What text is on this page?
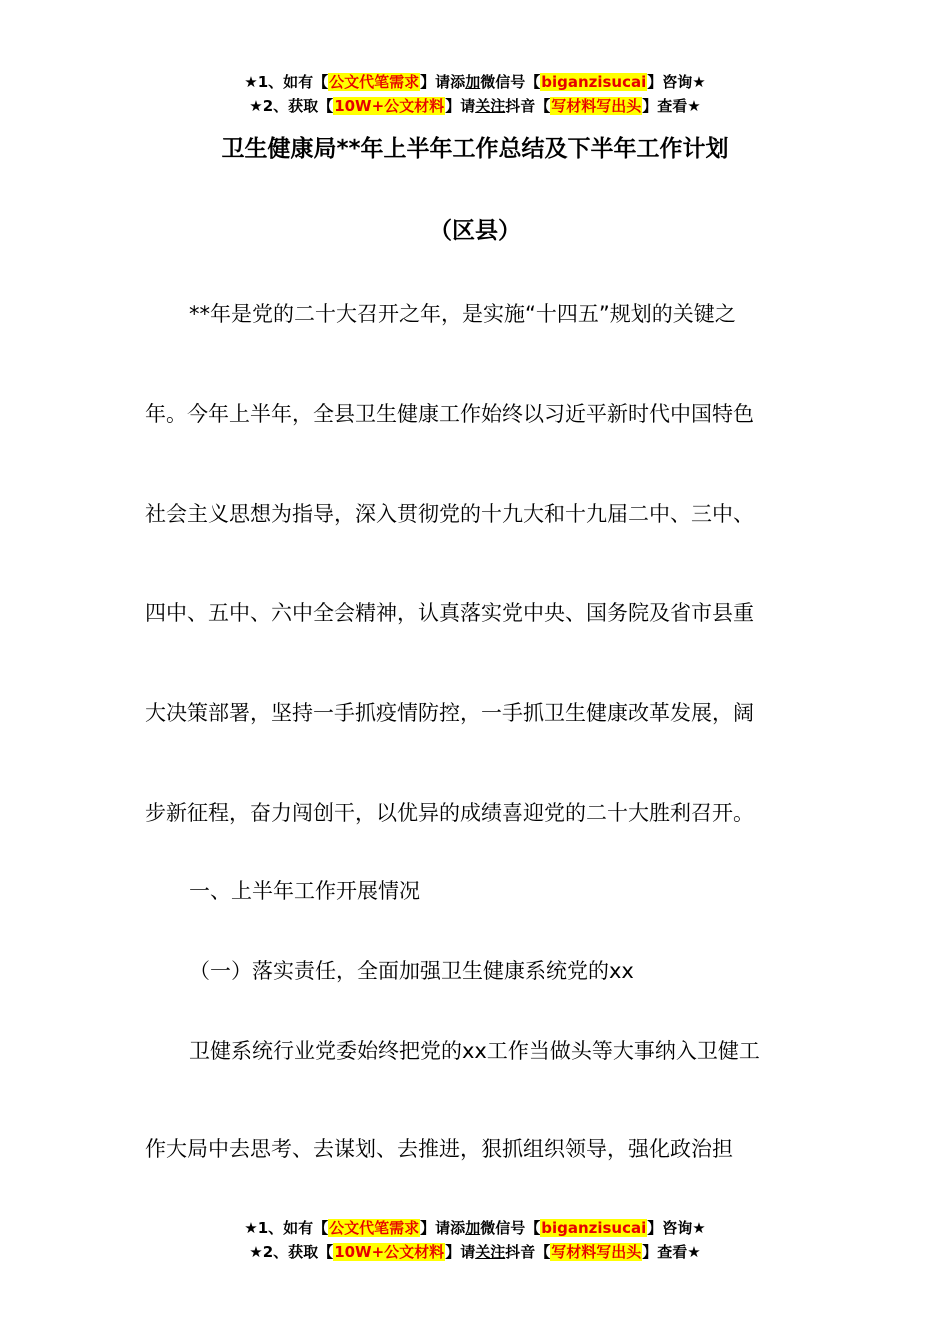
★1、如有【公文代笔需求】请添加微信号【biganzisucai】咨询★
★2、获取【10W+公文材料】请关注抖音【写材料写出头】查看★
卫生健康局**年上半年工作总结及下半年工作计划
（区县）
**年是党的二十大召开之年，是实施“十四五”规划的关键之
年。今年上半年，全县卫生健康工作始终以习近平新时代中国特色
社会主义思想为指导，深入贯彻党的十九大和十九届二中、三中、
四中、五中、六中全会精神，认真落实党中央、国务院及省市县重
大决策部署，坚持一手抓疫情防控，一手抓卫生健康改革发展，阔
步新征程，奋力闯创干，以优异的成绩喜迎党的二十大胜利召开。
一、上半年工作开展情况
（一）落实责任，全面加强卫生健康系统党的xx
卫健系统行业党委始终把党的xx工作当做头等大事纳入卫健工
作大局中去思考、去谋划、去推进，狠抓组织领导，强化政治担
★1、如有【公文代笔需求】请添加微信号【biganzisucai】咨询★
★2、获取【10W+公文材料】请关注抖音【写材料写出头】查看★
